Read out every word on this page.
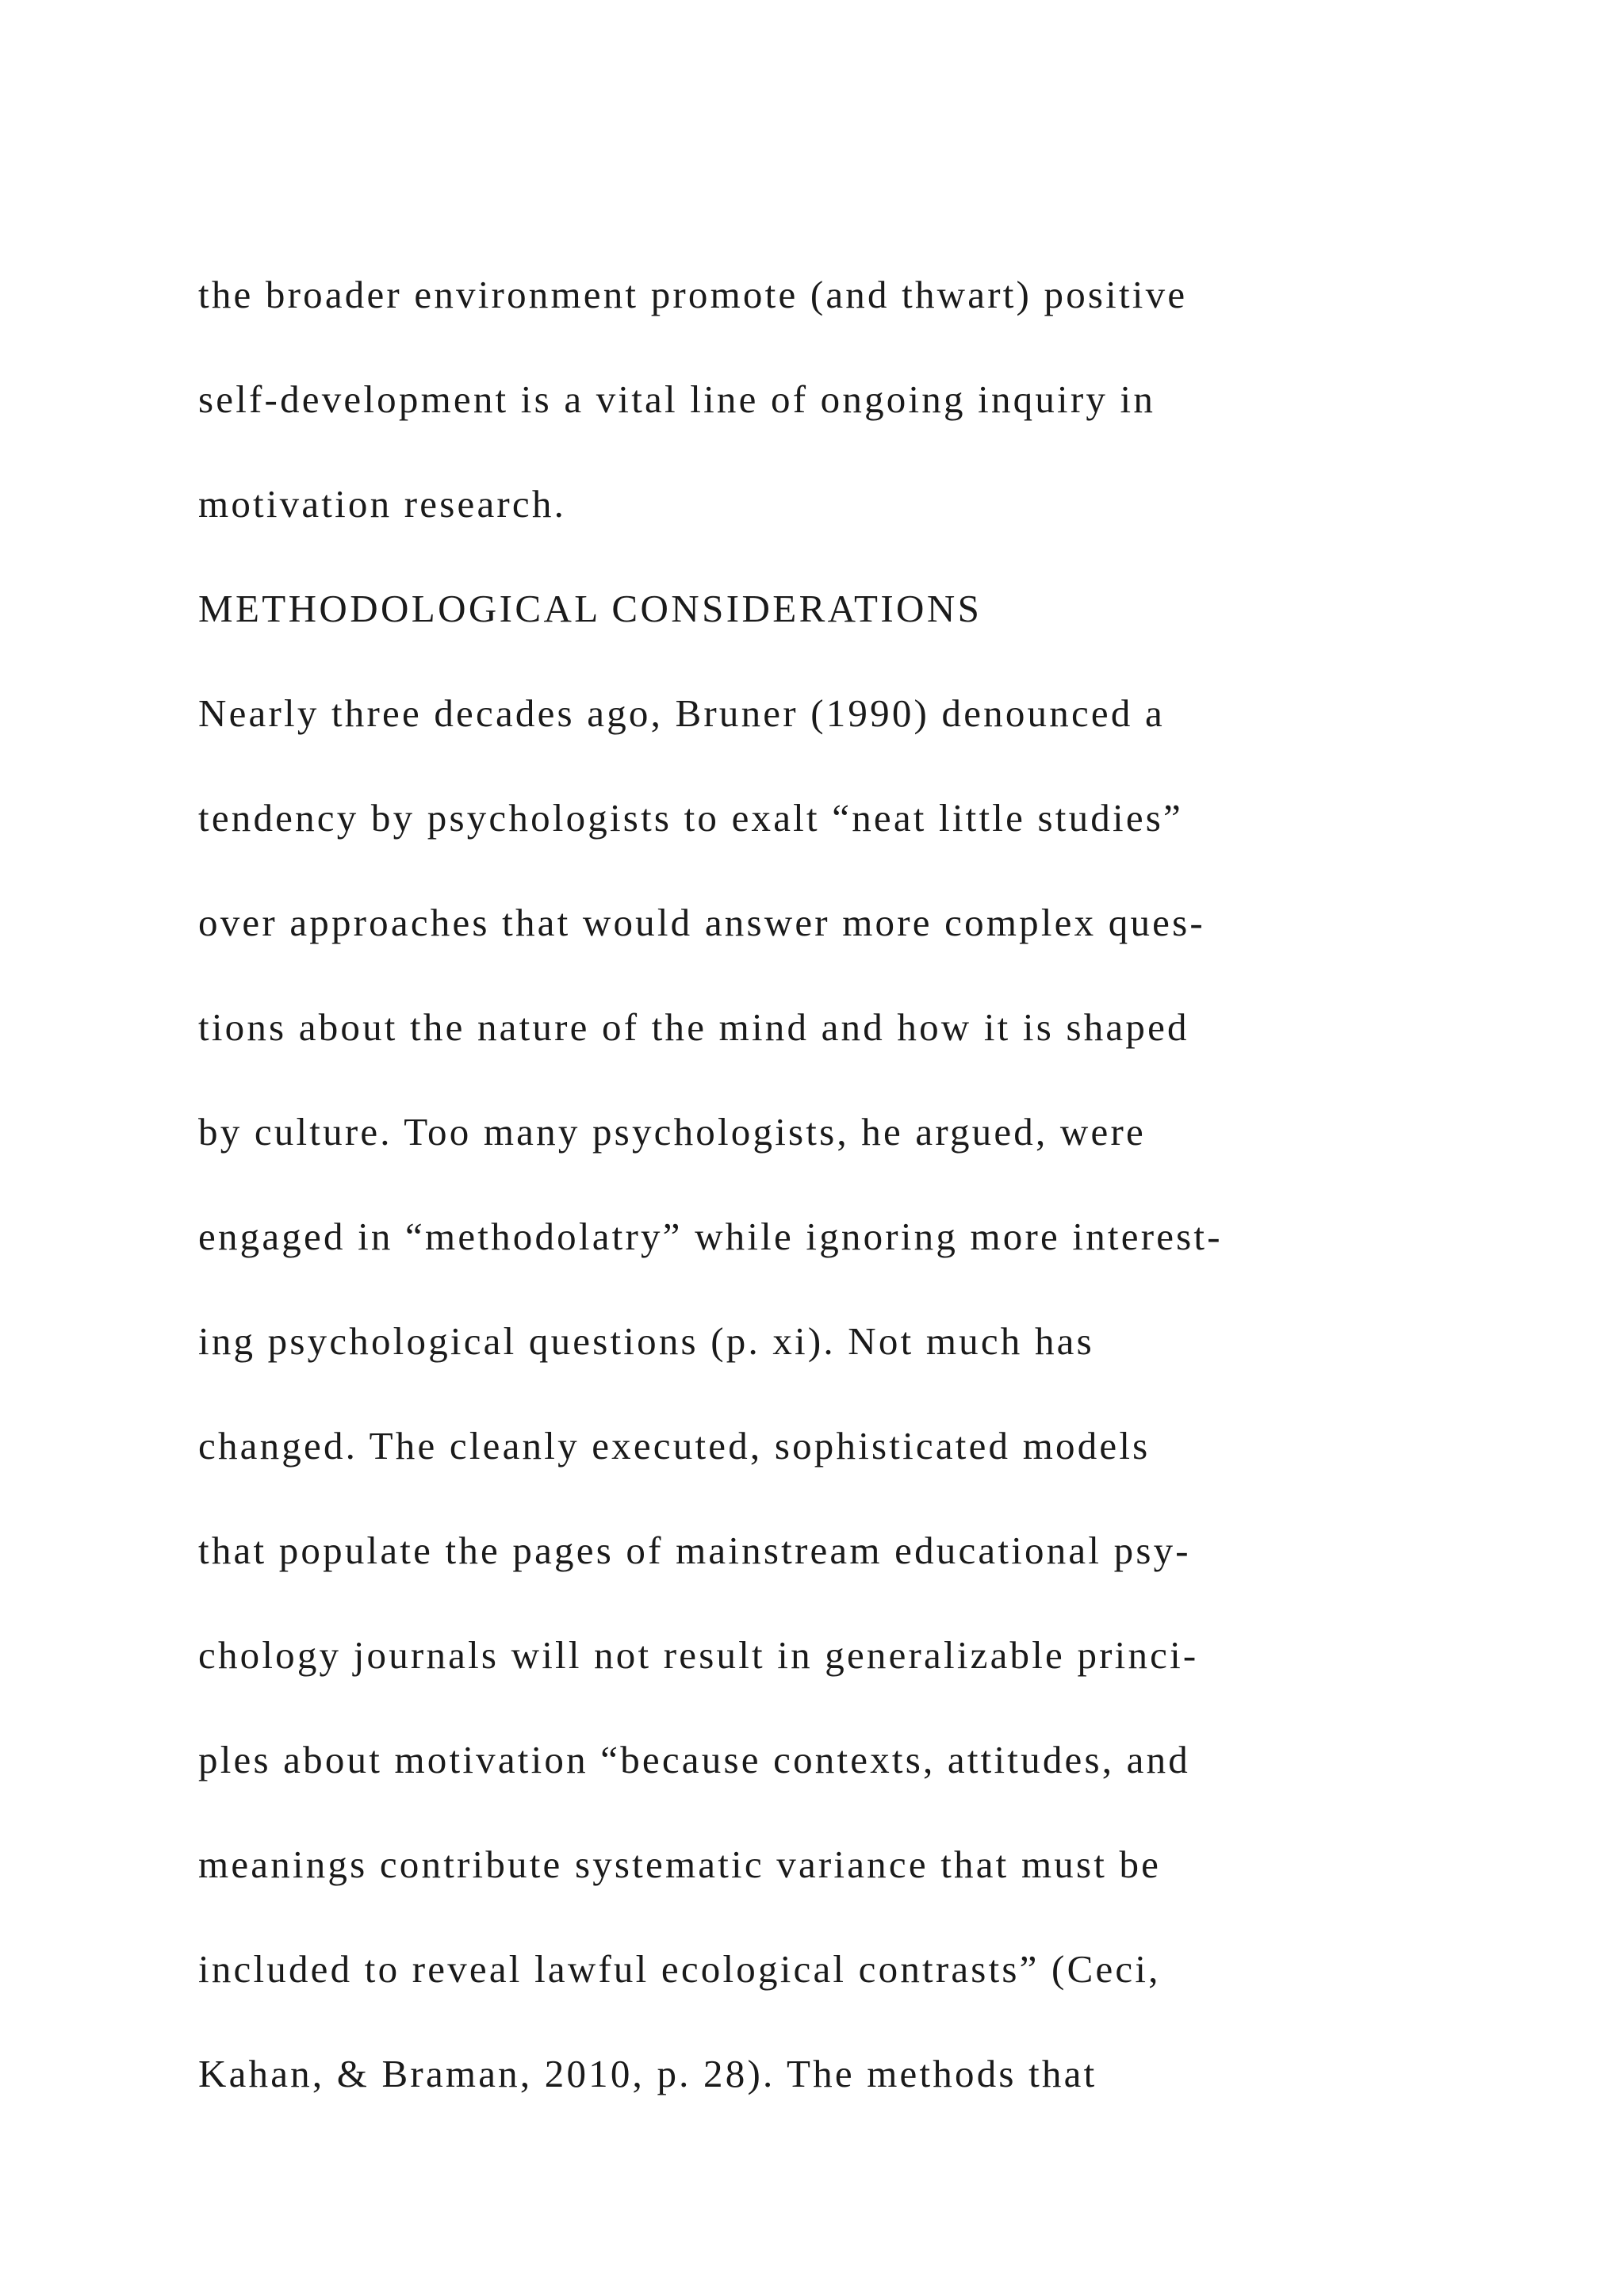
the broader environment promote (and thwart) positive
self-development is a vital line of ongoing inquiry in
motivation research.
METHODOLOGICAL CONSIDERATIONS
Nearly three decades ago, Bruner (1990) denounced a
tendency by psychologists to exalt “neat little studies”
over approaches that would answer more complex ques-
tions about the nature of the mind and how it is shaped
by culture. Too many psychologists, he argued, were
engaged in “methodolatry” while ignoring more interest-
ing psychological questions (p. xi). Not much has
changed. The cleanly executed, sophisticated models
that populate the pages of mainstream educational psy-
chology journals will not result in generalizable princi-
ples about motivation “because contexts, attitudes, and
meanings contribute systematic variance that must be
included to reveal lawful ecological contrasts” (Ceci,
Kahan, & Braman, 2010, p. 28). The methods that
